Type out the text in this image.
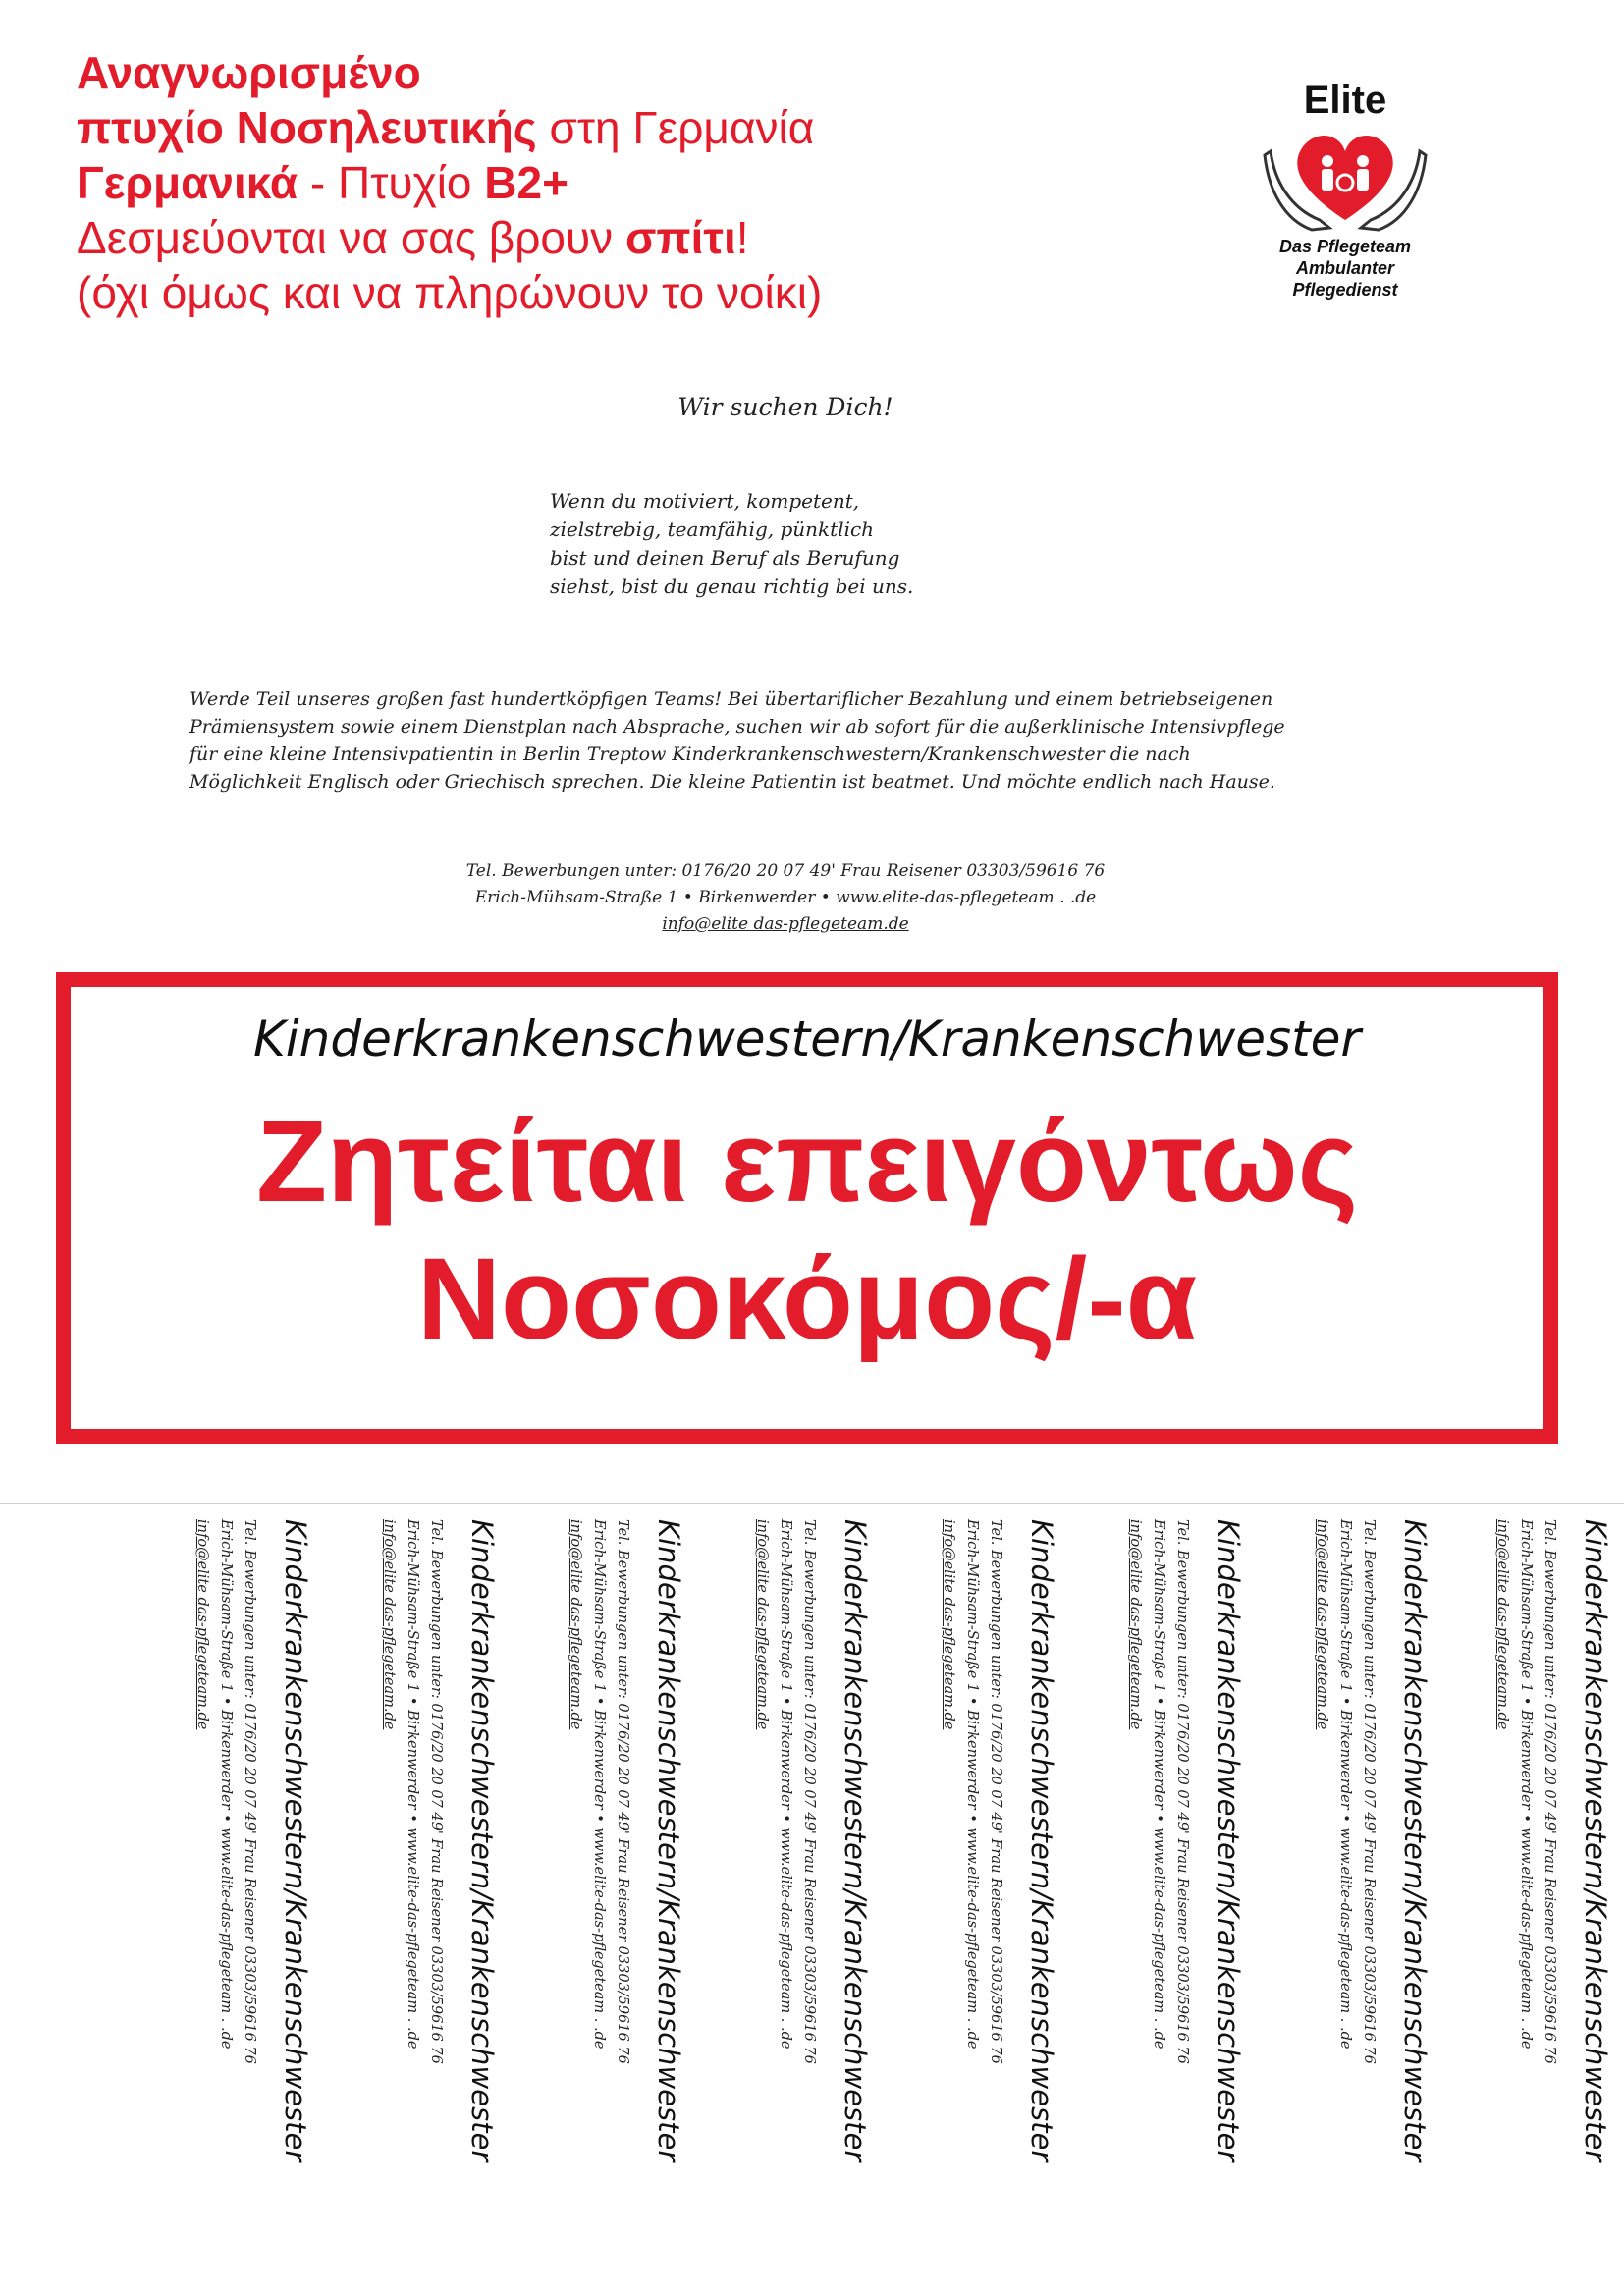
Αναγνωρισμένο
πτυχίο Νοσηλευτικής στη Γερμανία
Γερμανικά - Πτυχίο B2+
Δεσμεύονται να σας βρουν σπίτι!
(όχι όμως και να πληρώνουν το νοίκι)
Elite
Das Pflegeteam
Ambulanter
Pflegedienst
Wir suchen Dich!
Wenn du motiviert, kompetent,
zielstrebig, teamfähig, pünktlich
bist und deinen Beruf als Berufung
siehst, bist du genau richtig bei uns.
Werde Teil unseres großen fast hundertköpfigen Teams! Bei übertariflicher Bezahlung und einem betriebseigenen
Prämiensystem sowie einem Dienstplan nach Absprache, suchen wir ab sofort für die außerklinische Intensivpflege
für eine kleine Intensivpatientin in Berlin Treptow Kinderkrankenschwestern/Krankenschwester die nach
Möglichkeit Englisch oder Griechisch sprechen. Die kleine Patientin ist beatmet. Und möchte endlich nach Hause.
Tel. Bewerbungen unter: 0176/20 20 07 49' Frau Reisener 03303/59616 76
Erich-Mühsam-Straße 1 • Birkenwerder • www.elite-das-pflegeteam . .de
info@elite das-pflegeteam.de
Kinderkrankenschwestern/Krankenschwester
Ζητείται επειγόντως
Νοσοκόμος/-α
Kinderkrankenschwestern/Krankenschwester
Tel. Bewerbungen unter: 0176/20 20 07 49' Frau Reisener 03303/59616 76
Erich-Mühsam-Straße 1 • Birkenwerder • www.elite-das-pflegeteam . .de
info@elite das-pflegeteam.de	Kinderkrankenschwestern/Krankenschwester
Tel. Bewerbungen unter: 0176/20 20 07 49' Frau Reisener 03303/59616 76
Erich-Mühsam-Straße 1 • Birkenwerder • www.elite-das-pflegeteam . .de
info@elite das-pflegeteam.de	Kinderkrankenschwestern/Krankenschwester
Tel. Bewerbungen unter: 0176/20 20 07 49' Frau Reisener 03303/59616 76
Erich-Mühsam-Straße 1 • Birkenwerder • www.elite-das-pflegeteam . .de
info@elite das-pflegeteam.de	Kinderkrankenschwestern/Krankenschwester
Tel. Bewerbungen unter: 0176/20 20 07 49' Frau Reisener 03303/59616 76
Erich-Mühsam-Straße 1 • Birkenwerder • www.elite-das-pflegeteam . .de
info@elite das-pflegeteam.de	Kinderkrankenschwestern/Krankenschwester
Tel. Bewerbungen unter: 0176/20 20 07 49' Frau Reisener 03303/59616 76
Erich-Mühsam-Straße 1 • Birkenwerder • www.elite-das-pflegeteam . .de
info@elite das-pflegeteam.de	Kinderkrankenschwestern/Krankenschwester
Tel. Bewerbungen unter: 0176/20 20 07 49' Frau Reisener 03303/59616 76
Erich-Mühsam-Straße 1 • Birkenwerder • www.elite-das-pflegeteam . .de
info@elite das-pflegeteam.de	Kinderkrankenschwestern/Krankenschwester
Tel. Bewerbungen unter: 0176/20 20 07 49' Frau Reisener 03303/59616 76
Erich-Mühsam-Straße 1 • Birkenwerder • www.elite-das-pflegeteam . .de
info@elite das-pflegeteam.de	Kinderkrankenschwestern/Krankenschwester
Tel. Bewerbungen unter: 0176/20 20 07 49' Frau Reisener 03303/59616 76
Erich-Mühsam-Straße 1 • Birkenwerder • www.elite-das-pflegeteam . .de
info@elite das-pflegeteam.de
